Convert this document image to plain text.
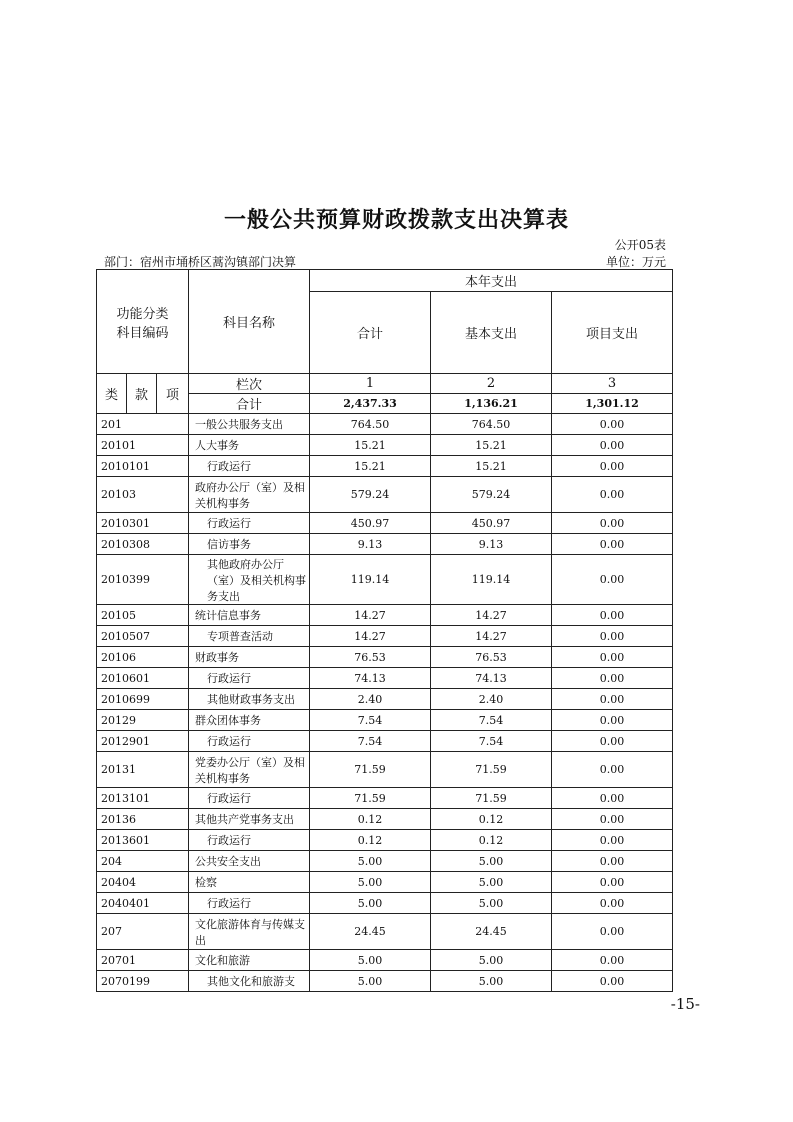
一般公共预算财政拨款支出决算表
公开05表
部门：宿州市埇桥区蒿沟镇部门决算	单位：万元
功能分类
科目编码			科目名称	本年支出		
				合计	基本支出	项目支出

类	款	项	栏次	1	2	3
			合计	2,437.33	1,136.21	1,301.12
201			一般公共服务支出	764.50	764.50	0.00
20101			人大事务	15.21	15.21	0.00
2010101			行政运行	15.21	15.21	0.00
20103			政府办公厅（室）及相关机构事务	579.24	579.24	0.00
2010301			行政运行	450.97	450.97	0.00
2010308			信访事务	9.13	9.13	0.00
2010399			其他政府办公厅（室）及相关机构事务支出	119.14	119.14	0.00
20105			统计信息事务	14.27	14.27	0.00
2010507			专项普查活动	14.27	14.27	0.00
20106			财政事务	76.53	76.53	0.00
2010601			行政运行	74.13	74.13	0.00
2010699			其他财政事务支出	2.40	2.40	0.00
20129			群众团体事务	7.54	7.54	0.00
2012901			行政运行	7.54	7.54	0.00
20131			党委办公厅（室）及相关机构事务	71.59	71.59	0.00
2013101			行政运行	71.59	71.59	0.00
20136			其他共产党事务支出	0.12	0.12	0.00
2013601			行政运行	0.12	0.12	0.00
204			公共安全支出	5.00	5.00	0.00
20404			检察	5.00	5.00	0.00
2040401			行政运行	5.00	5.00	0.00
207			文化旅游体育与传媒支出	24.45	24.45	0.00
20701			文化和旅游	5.00	5.00	0.00
2070199			其他文化和旅游支	5.00	5.00	0.00
-15-
